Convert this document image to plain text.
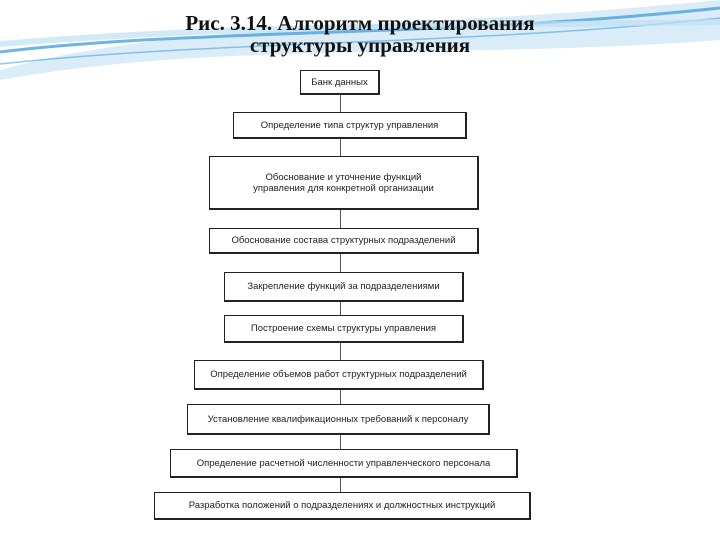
Рис. 3.14. Алгоритм проектирования
структуры управления
Банк данных
Определение типа структур управления
Обоснование и уточнение функций управления для конкретной организации
Обоснование состава структурных подразделений
Закрепление функций за подразделениями
Построение схемы структуры управления
Определение объемов работ структурных подразделений
Установление квалификационных требований к персоналу
Определение расчетной численности управленческого персонала
Разработка положений о подразделениях и должностных инструкций
